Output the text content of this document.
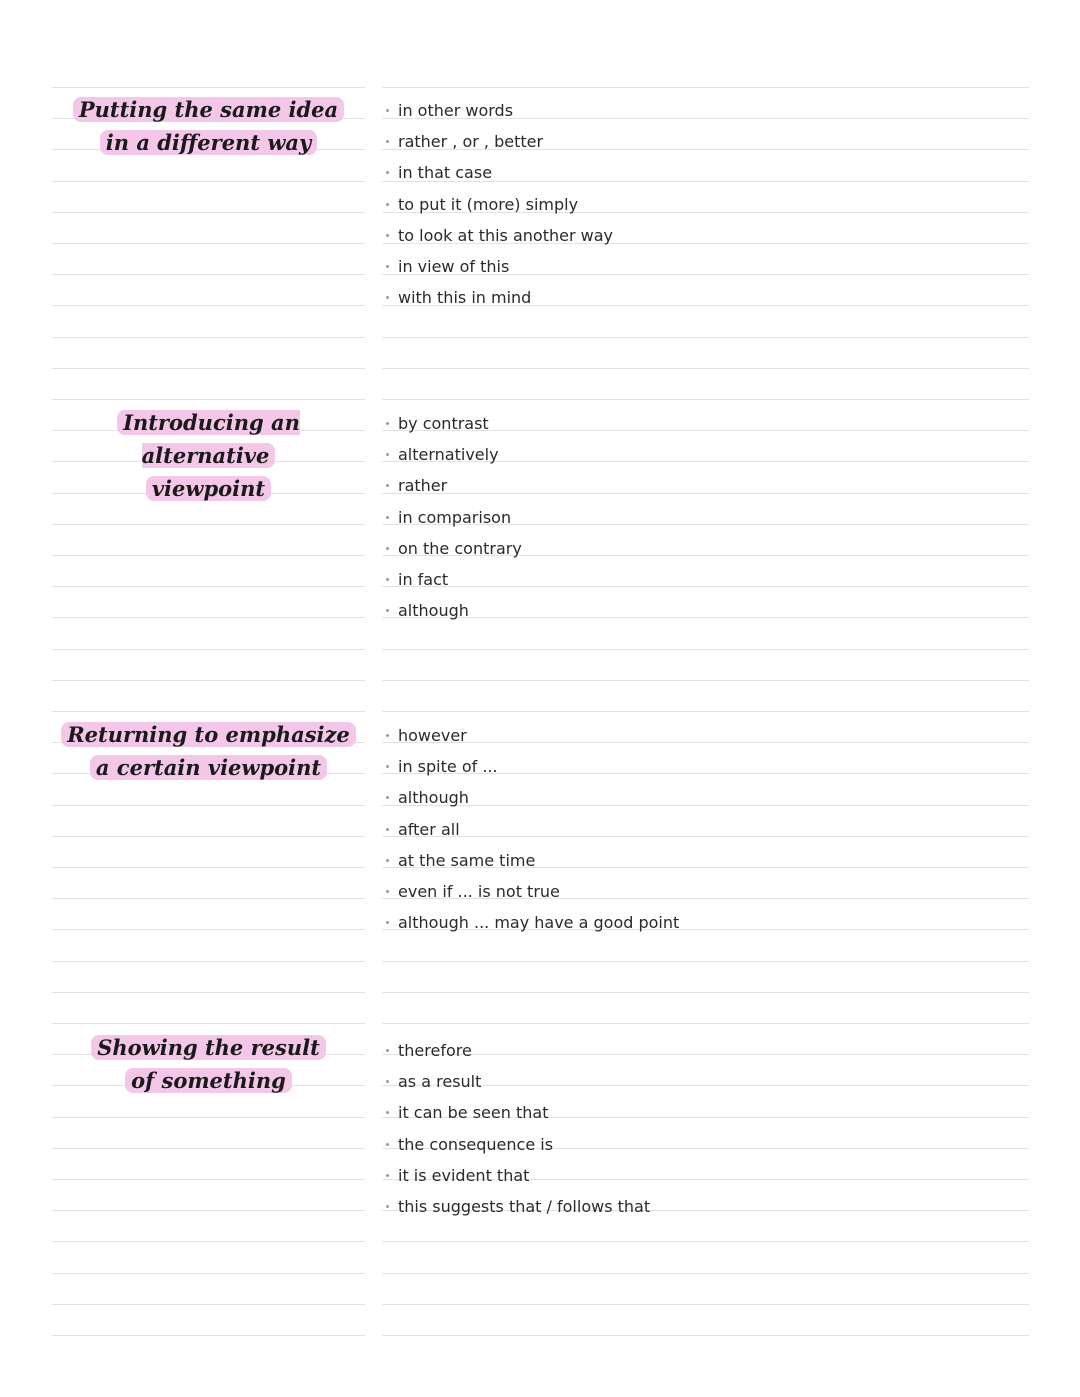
Putting the same idea
in a different way
in other words
rather , or , better
in that case
to put it (more) simply
to look at this another way
in view of this
with this in mind
Introducing an alternative
viewpoint
by contrast
alternatively
rather
in comparison
on the contrary
in fact
although
Returning to emphasize
a certain viewpoint
however
in spite of ...
although
after all
at the same time
even if ... is not true
although ... may have a good point
Showing the result
of something
therefore
as a result
it can be seen that
the consequence is
it is evident that
this suggests that / follows that
